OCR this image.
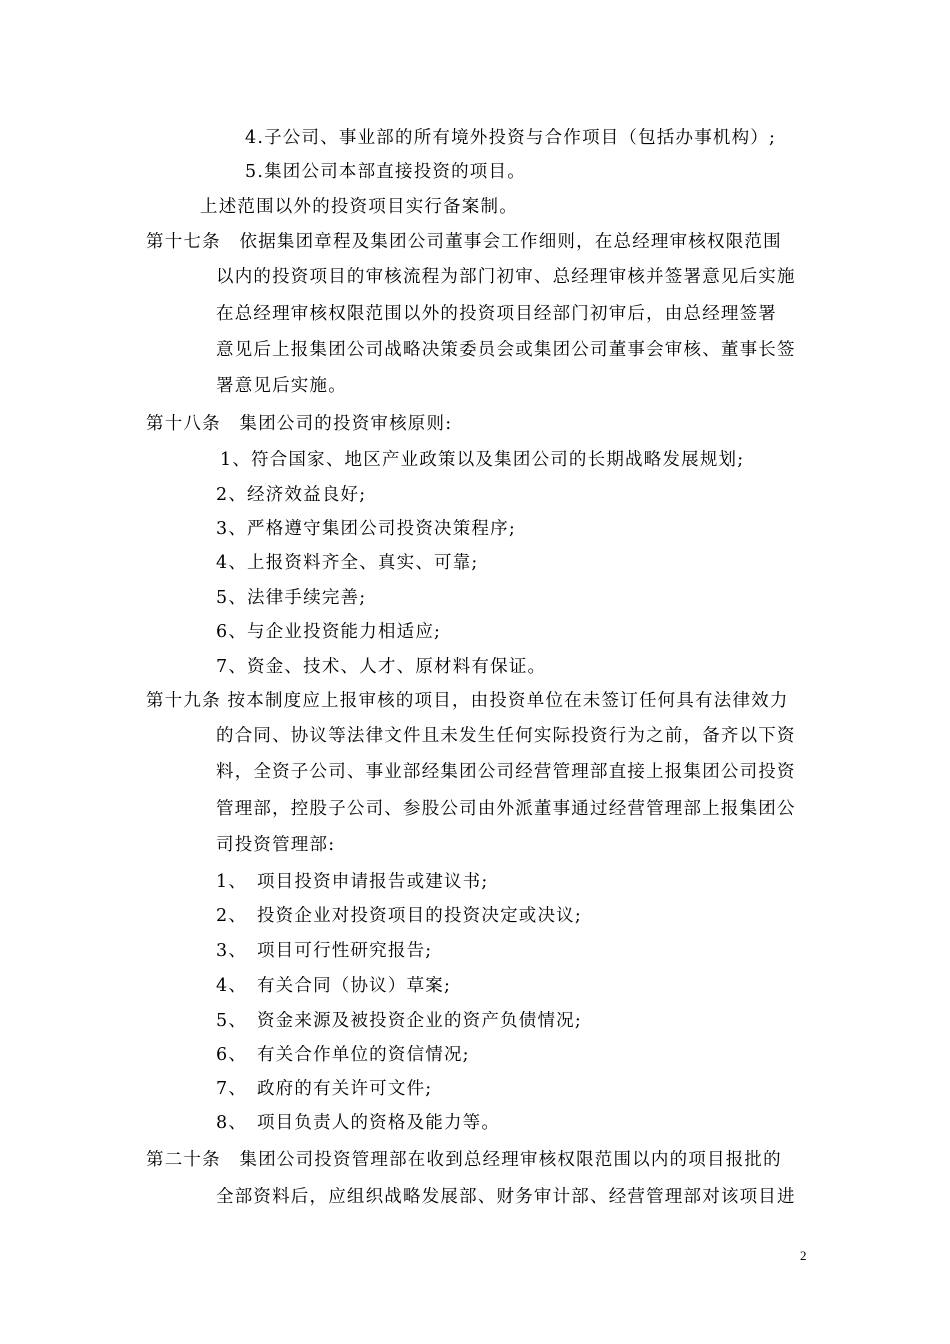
4.子公司、事业部的所有境外投资与合作项目（包括办事机构）;
5.集团公司本部直接投资的项目。
上述范围以外的投资项目实行备案制。
第十七条　依据集团章程及集团公司董事会工作细则，在总经理审核权限范围
以内的投资项目的审核流程为部门初审、总经理审核并签署意见后实施
在总经理审核权限范围以外的投资项目经部门初审后，由总经理签署
意见后上报集团公司战略决策委员会或集团公司董事会审核、董事长签
署意见后实施。
第十八条　集团公司的投资审核原则:
1、符合国家、地区产业政策以及集团公司的长期战略发展规划;
2、经济效益良好;
3、严格遵守集团公司投资决策程序;
4、上报资料齐全、真实、可靠;
5、法律手续完善;
6、与企业投资能力相适应;
7、资金、技术、人才、原材料有保证。
第十九条 按本制度应上报审核的项目，由投资单位在未签订任何具有法律效力
的合同、协议等法律文件且未发生任何实际投资行为之前，备齐以下资
料，全资子公司、事业部经集团公司经营管理部直接上报集团公司投资
管理部，控股子公司、参股公司由外派董事通过经营管理部上报集团公
司投资管理部:
1、　项目投资申请报告或建议书;
2、　投资企业对投资项目的投资决定或决议;
3、　项目可行性研究报告;
4、　有关合同（协议）草案;
5、　资金来源及被投资企业的资产负债情况;
6、　有关合作单位的资信情况;
7、　政府的有关许可文件;
8、　项目负责人的资格及能力等。
第二十条　集团公司投资管理部在收到总经理审核权限范围以内的项目报批的
全部资料后，应组织战略发展部、财务审计部、经营管理部对该项目进
2
